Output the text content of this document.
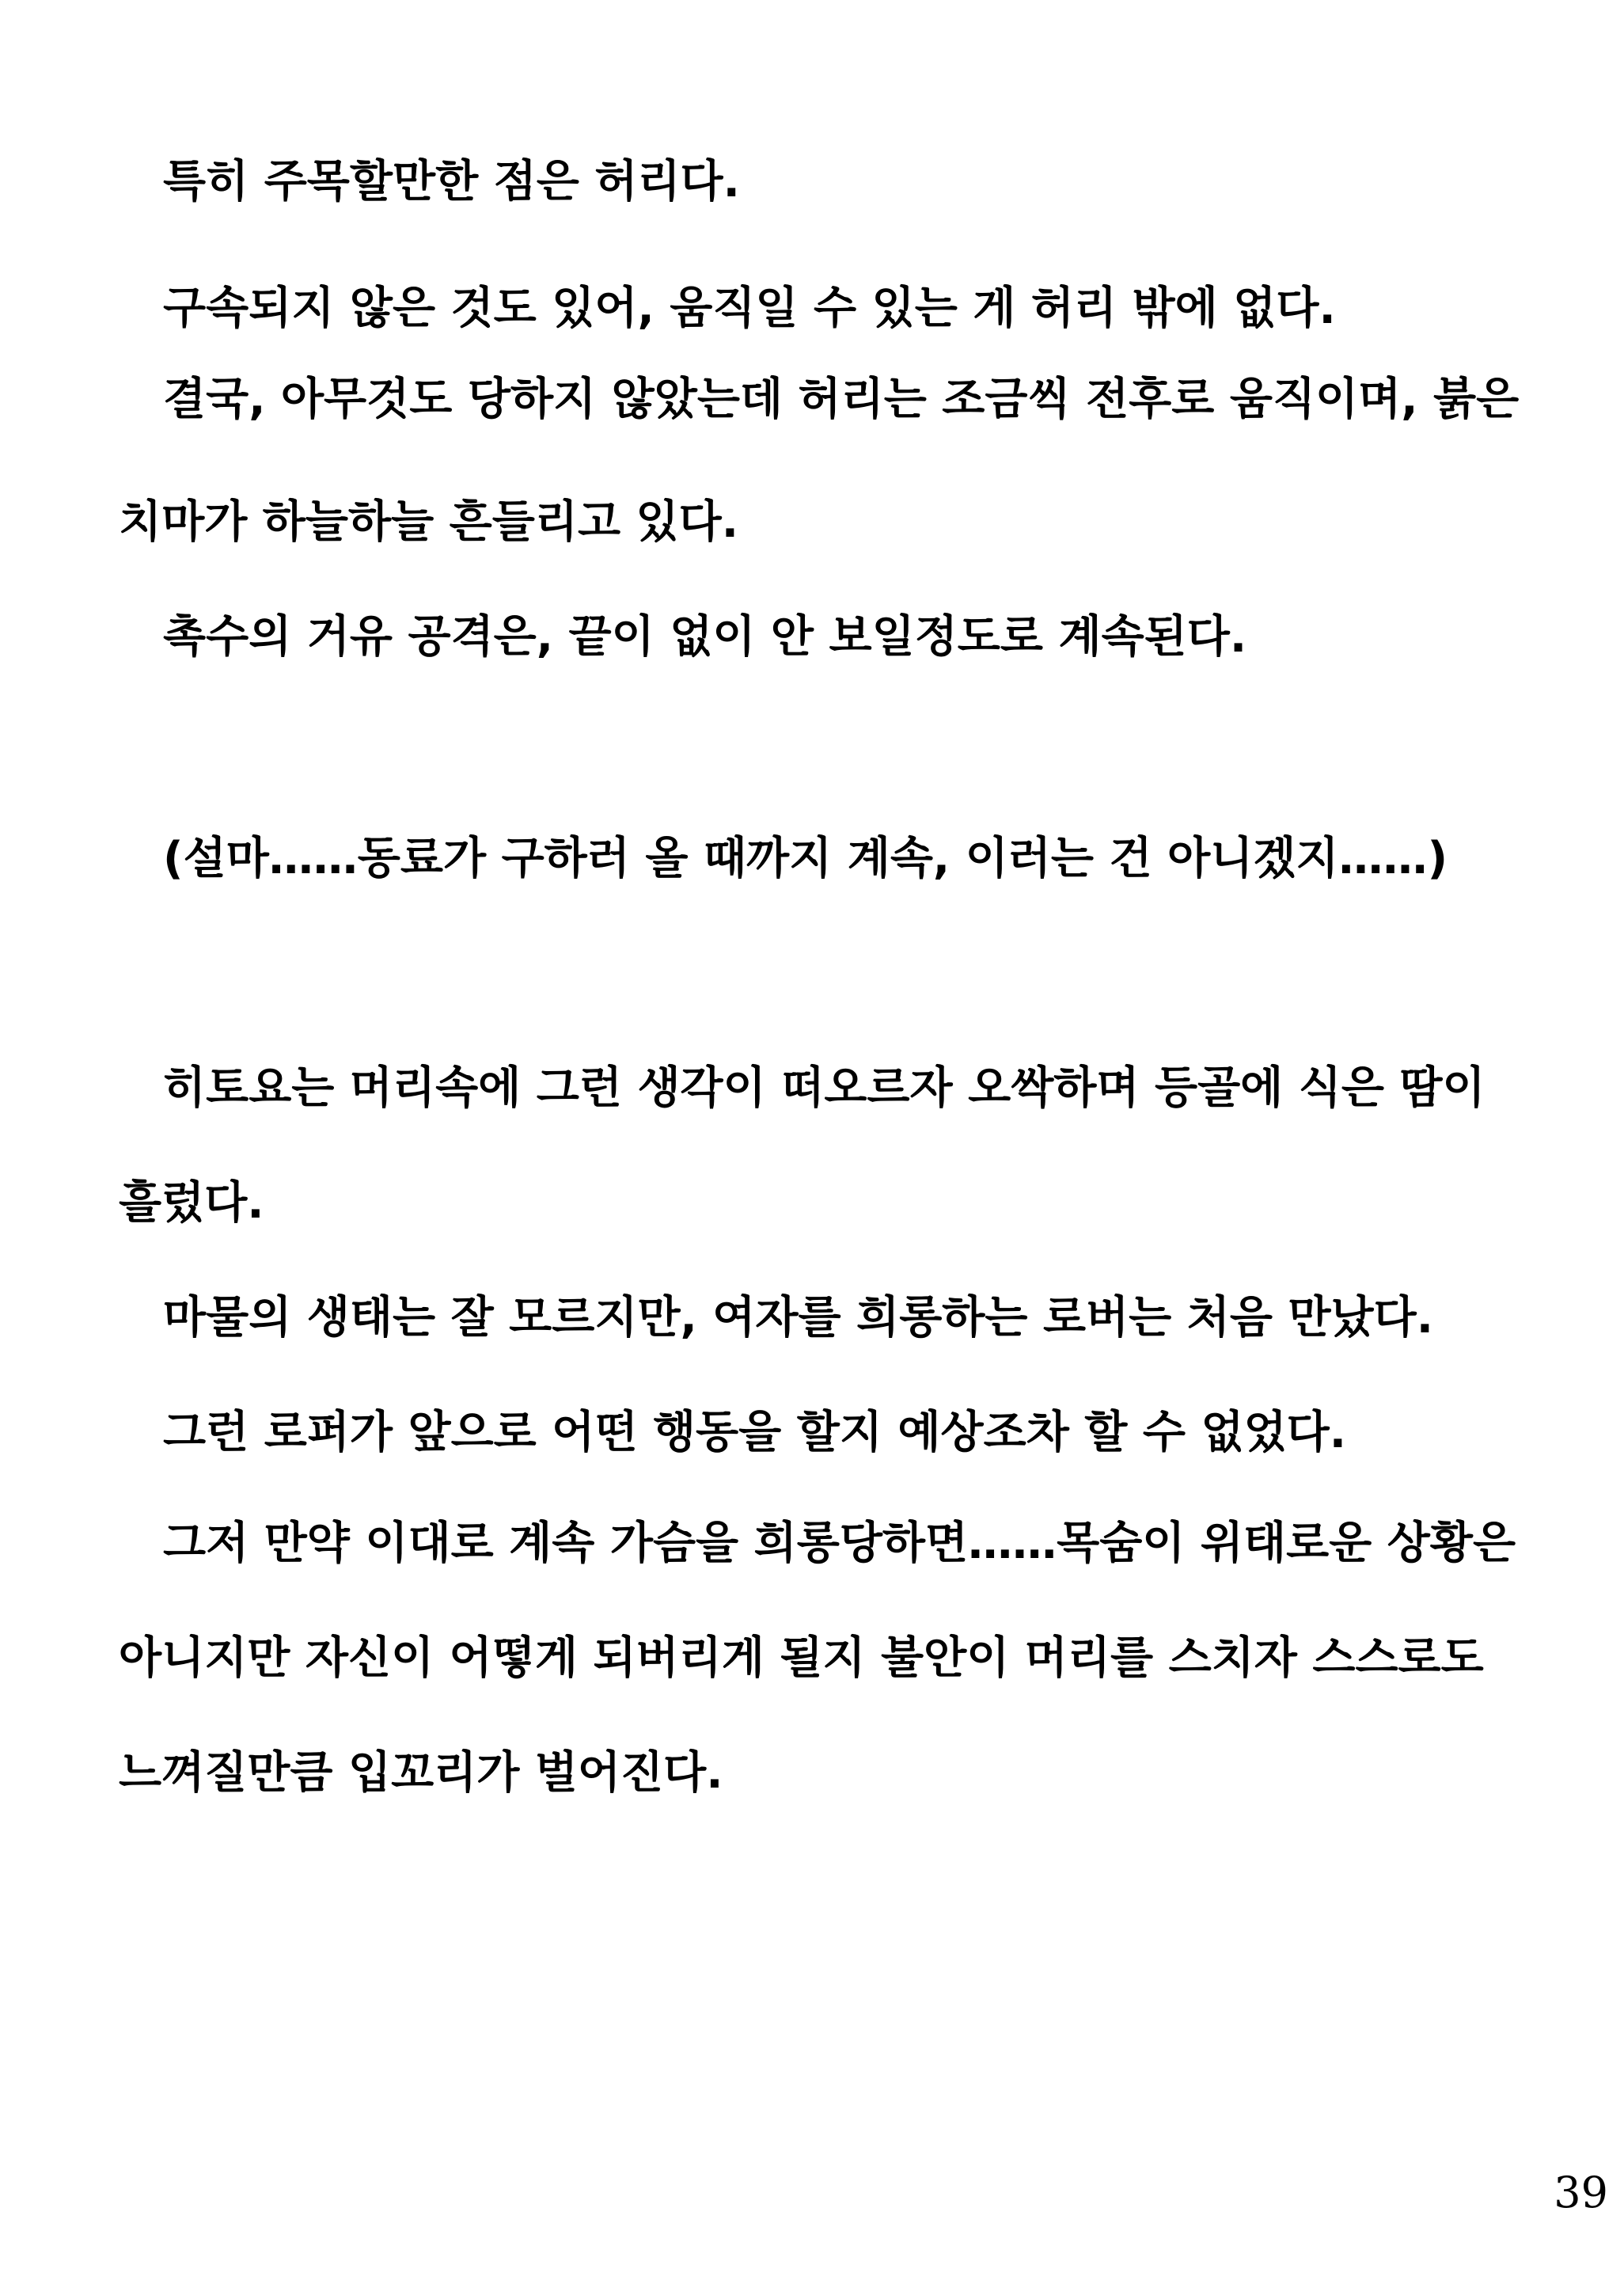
　특히 주목할만한 점은 허리다.

　구속되지 않은 것도 있어, 움직일 수 있는 게 허리 밖에 없다.

　결국, 아무것도 당하지 않았는데 허리는 조금씩 전후로 움직이며, 붉은

치마가 하늘하늘 흔들리고 있다.

　촉수의 거유 공격은, 끝이 없이 안 보일정도로 계속된다.

　(설마……동료가 구하러 올 때까지 계속, 이러는 건 아니겠지……)

　히토요는 머리속에 그런 생각이 떠오르자 오싹하며 등골에 식은 땀이

흘렀다.

　마물의 생태는 잘 모르지만, 여자를 희롱하는 로버는 처음 만났다.

　그런 로퍼가 앞으로 어떤 행동을 할지 예상조차 할 수 없었다.

　그저 만약 이대로 계속 가슴을 희롱당하면……목숨이 위태로운 상황은

아니지만 자신이 어떻게 되버리게 될지 불안이 머리를 스치자 스스로도

느껴질만큼 입꼬리가 벌어진다.

39
